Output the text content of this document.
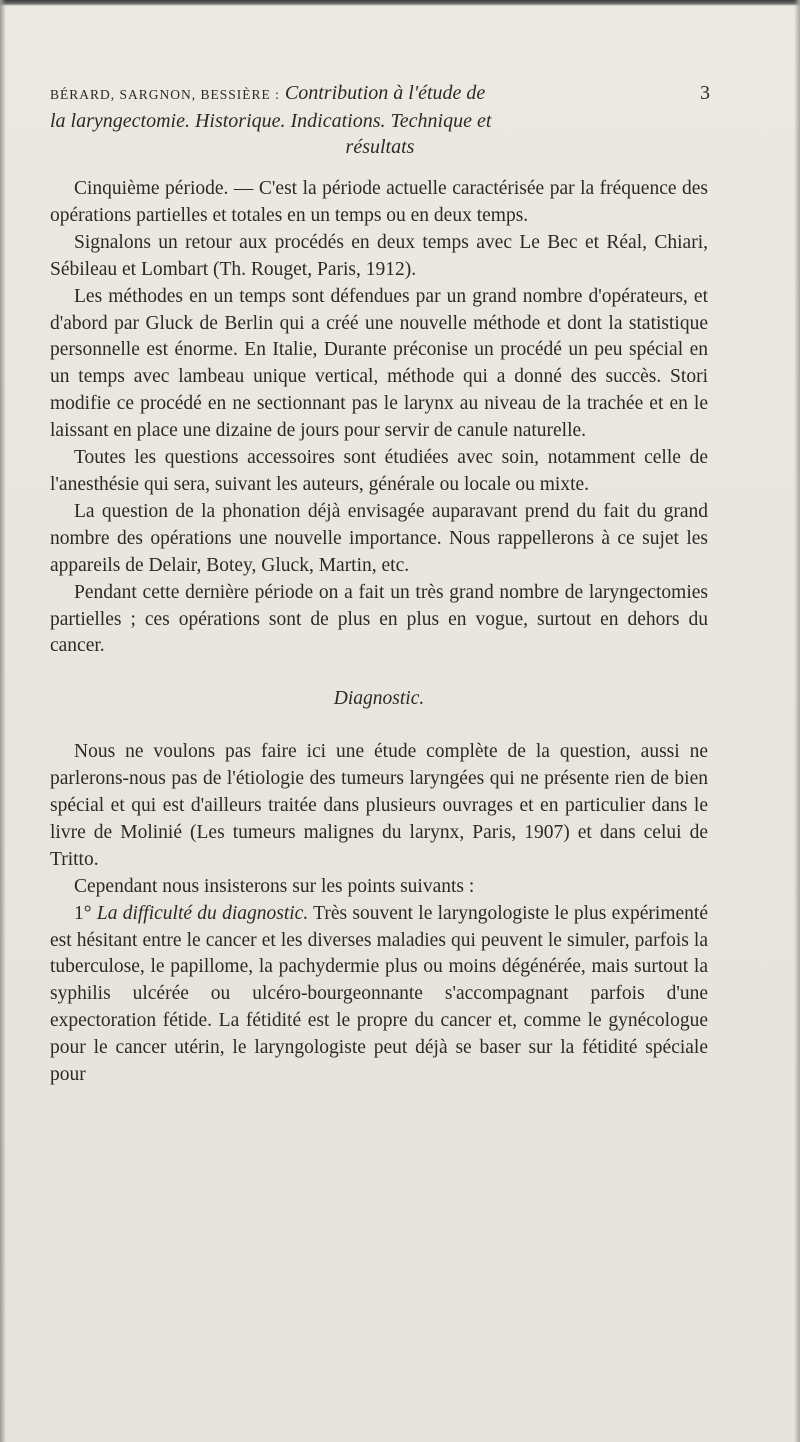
BÉRARD, SARGNON, BESSIÈRE : Contribution à l'étude de	3
la laryngectomie. Historique. Indications. Technique et
résultats

Cinquième période. — C'est la période actuelle caractérisée par la fréquence des opérations partielles et totales en un temps ou en deux temps.

Signalons un retour aux procédés en deux temps avec Le Bec et Réal, Chiari, Sébileau et Lombart (Th. Rouget, Paris, 1912).

Les méthodes en un temps sont défendues par un grand nombre d'opérateurs, et d'abord par Gluck de Berlin qui a créé une nouvelle méthode et dont la statistique personnelle est énorme. En Italie, Durante préconise un procédé un peu spécial en un temps avec lambeau unique vertical, méthode qui a donné des succès. Stori modifie ce procédé en ne sectionnant pas le larynx au niveau de la trachée et en le laissant en place une dizaine de jours pour servir de canule naturelle.

Toutes les questions accessoires sont étudiées avec soin, notamment celle de l'anesthésie qui sera, suivant les auteurs, générale ou locale ou mixte.

La question de la phonation déjà envisagée auparavant prend du fait du grand nombre des opérations une nouvelle importance. Nous rappellerons à ce sujet les appareils de Delair, Botey, Gluck, Martin, etc.

Pendant cette dernière période on a fait un très grand nombre de laryngectomies partielles ; ces opérations sont de plus en plus en vogue, surtout en dehors du cancer.

Diagnostic.

Nous ne voulons pas faire ici une étude complète de la question, aussi ne parlerons-nous pas de l'étiologie des tumeurs laryngées qui ne présente rien de bien spécial et qui est d'ailleurs traitée dans plusieurs ouvrages et en particulier dans le livre de Molinié (Les tumeurs malignes du larynx, Paris, 1907) et dans celui de Tritto.

Cependant nous insisterons sur les points suivants :

1° La difficulté du diagnostic. Très souvent le laryngologiste le plus expérimenté est hésitant entre le cancer et les diverses maladies qui peuvent le simuler, parfois la tuberculose, le papillome, la pachydermie plus ou moins dégénérée, mais surtout la syphilis ulcérée ou ulcéro-bourgeonnante s'accompagnant parfois d'une expectoration fétide. La fétidité est le propre du cancer et, comme le gynécologue pour le cancer utérin, le laryngologiste peut déjà se baser sur la fétidité spéciale pour
